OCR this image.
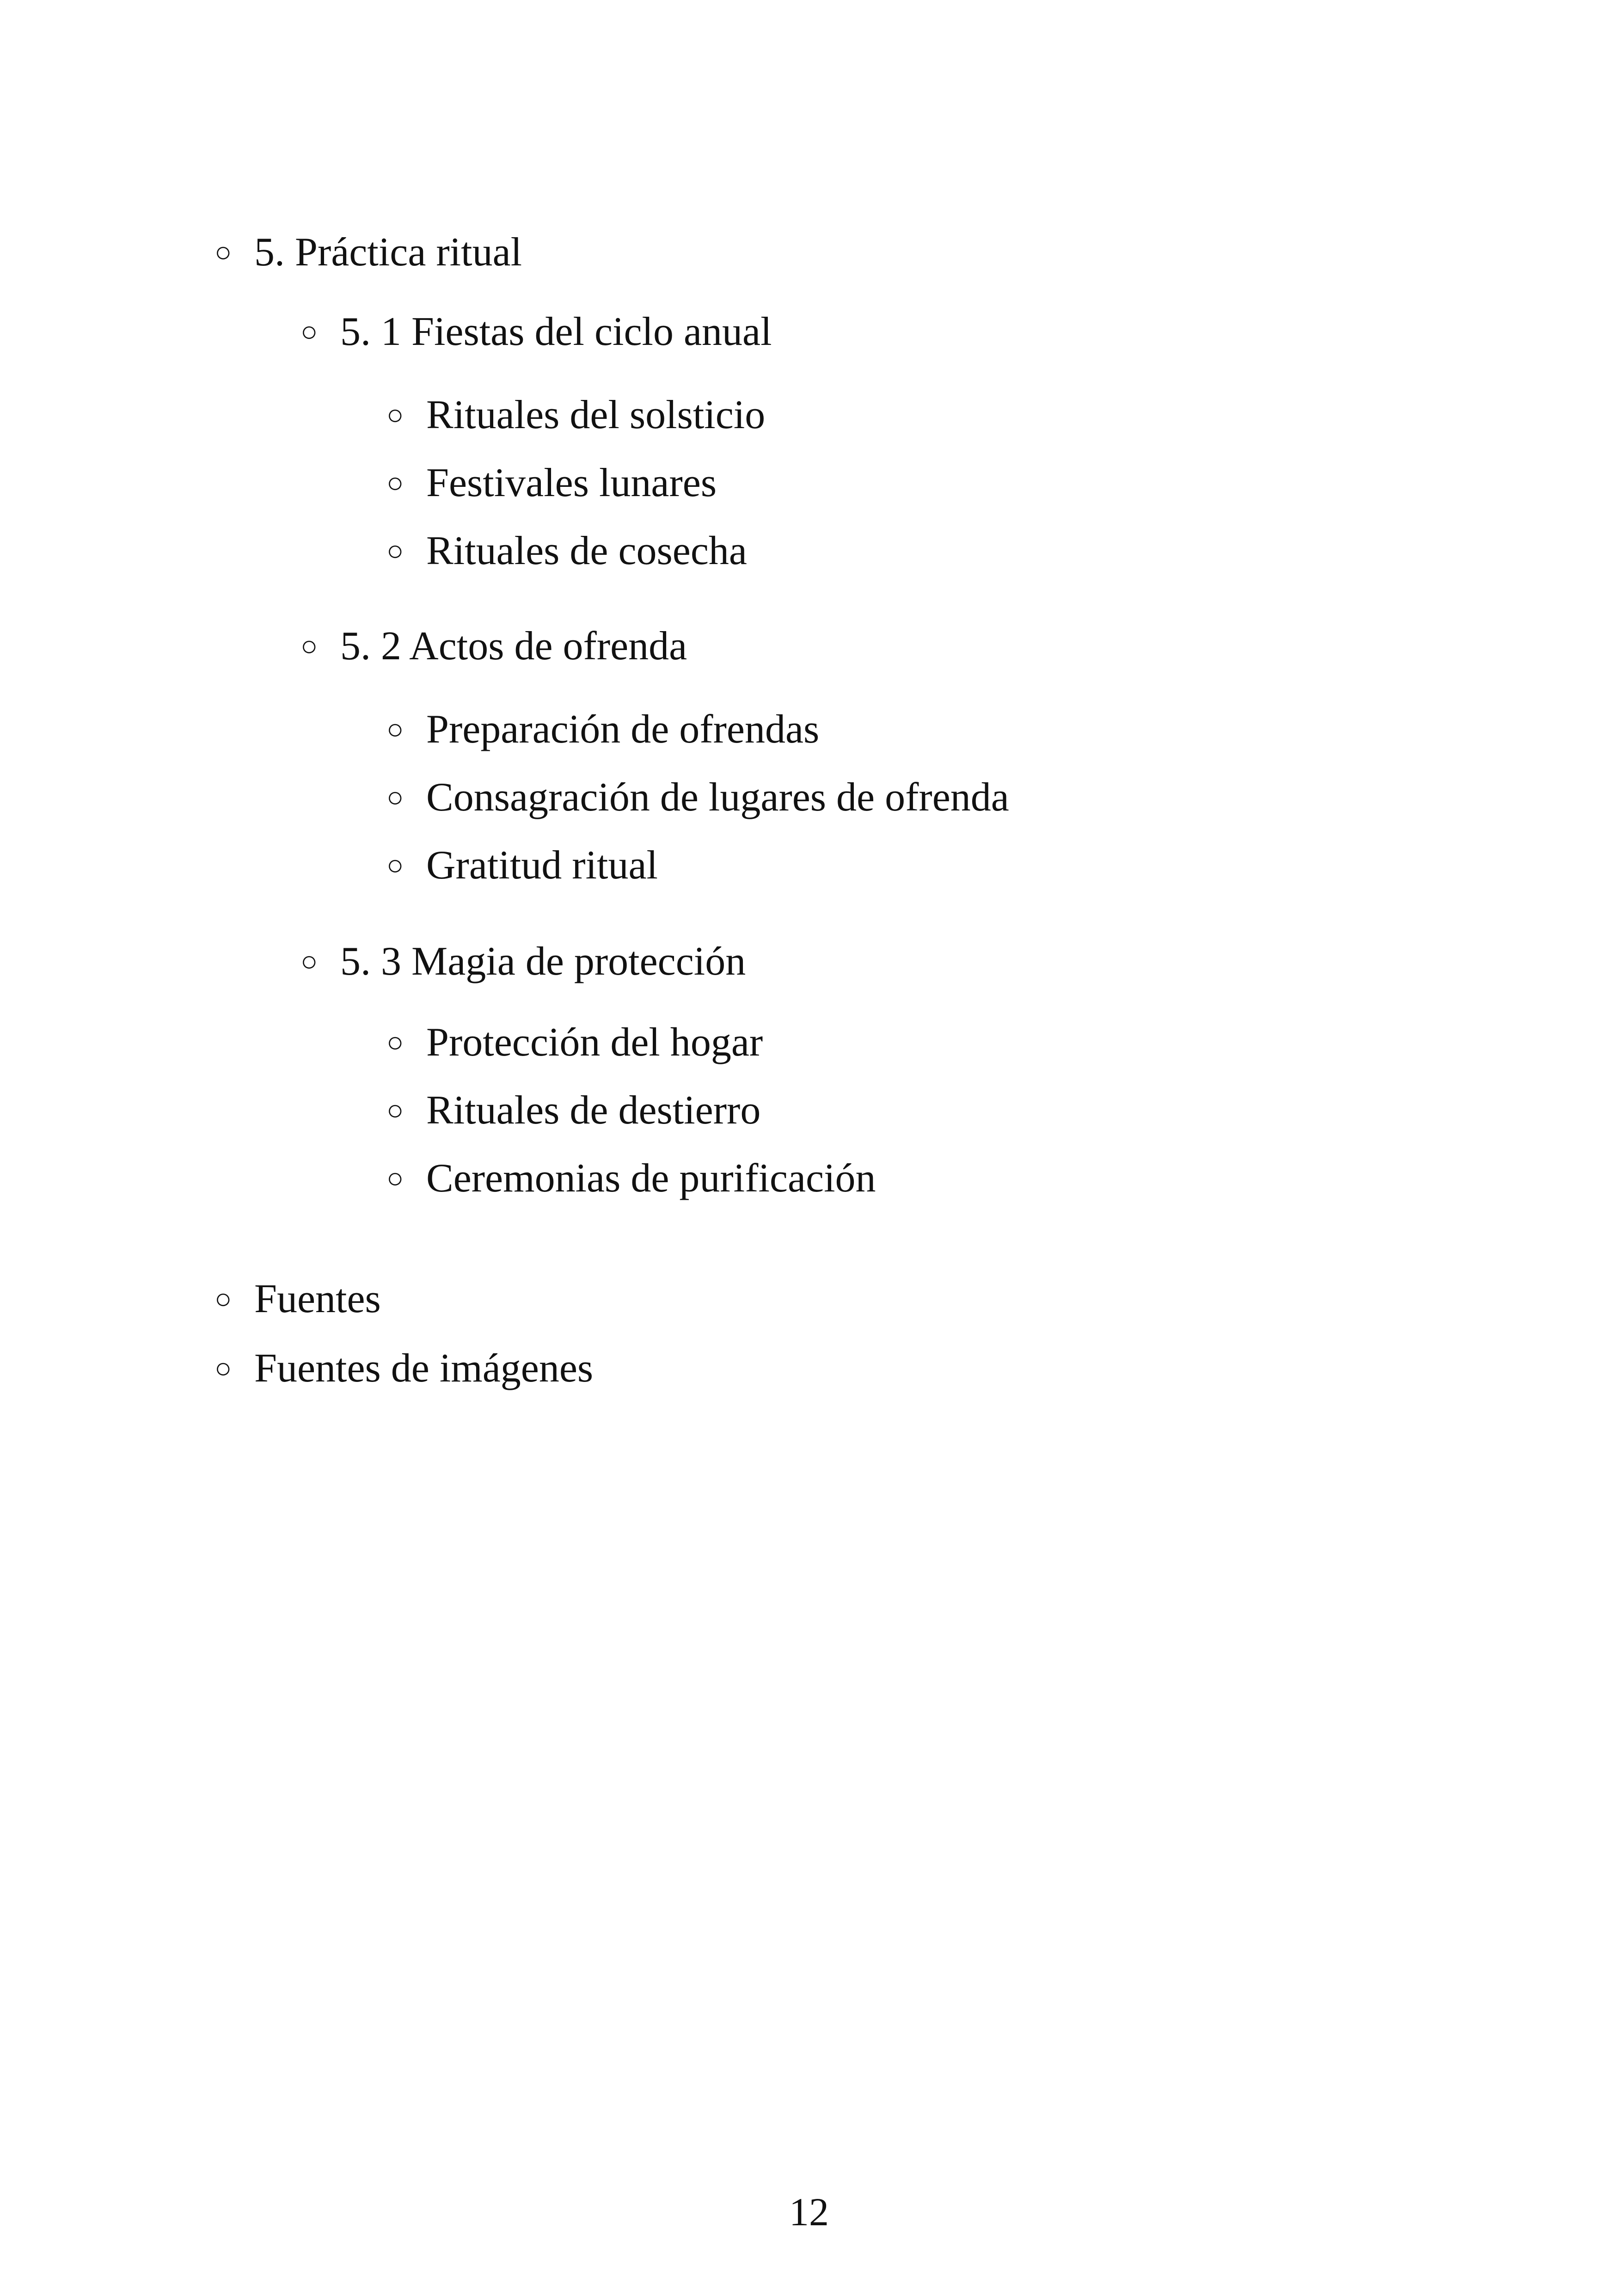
○ 5. Práctica ritual
○ 5. 1 Fiestas del ciclo anual
○ Rituales del solsticio
○ Festivales lunares
○ Rituales de cosecha
○ 5. 2 Actos de ofrenda
○ Preparación de ofrendas
○ Consagración de lugares de ofrenda
○ Gratitud ritual
○ 5. 3 Magia de protección
○ Protección del hogar
○ Rituales de destierro
○ Ceremonias de purificación
○ Fuentes
○ Fuentes de imágenes
12
